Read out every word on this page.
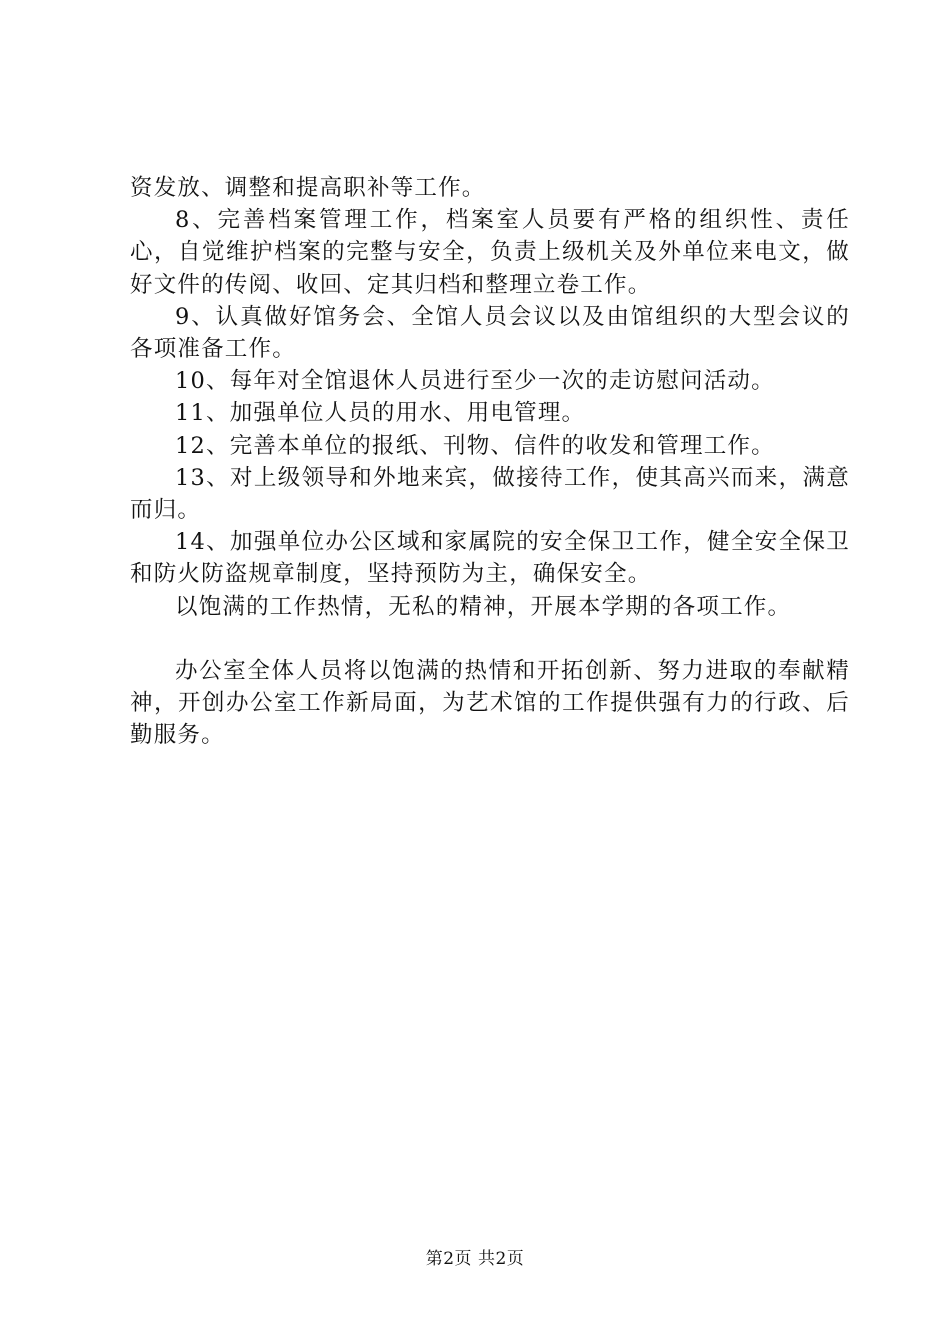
资发放、调整和提高职补等工作。

8、完善档案管理工作，档案室人员要有严格的组织性、责任心，自觉维护档案的完整与安全，负责上级机关及外单位来电文，做好文件的传阅、收回、定其归档和整理立卷工作。

9、认真做好馆务会、全馆人员会议以及由馆组织的大型会议的各项准备工作。

10、每年对全馆退休人员进行至少一次的走访慰问活动。

11、加强单位人员的用水、用电管理。

12、完善本单位的报纸、刊物、信件的收发和管理工作。

13、对上级领导和外地来宾，做接待工作，使其高兴而来，满意而归。

14、加强单位办公区域和家属院的安全保卫工作，健全安全保卫和防火防盗规章制度，坚持预防为主，确保安全。

以饱满的工作热情，无私的精神，开展本学期的各项工作。

办公室全体人员将以饱满的热情和开拓创新、努力进取的奉献精神，开创办公室工作新局面，为艺术馆的工作提供强有力的行政、后勤服务。

第2页 共2页
